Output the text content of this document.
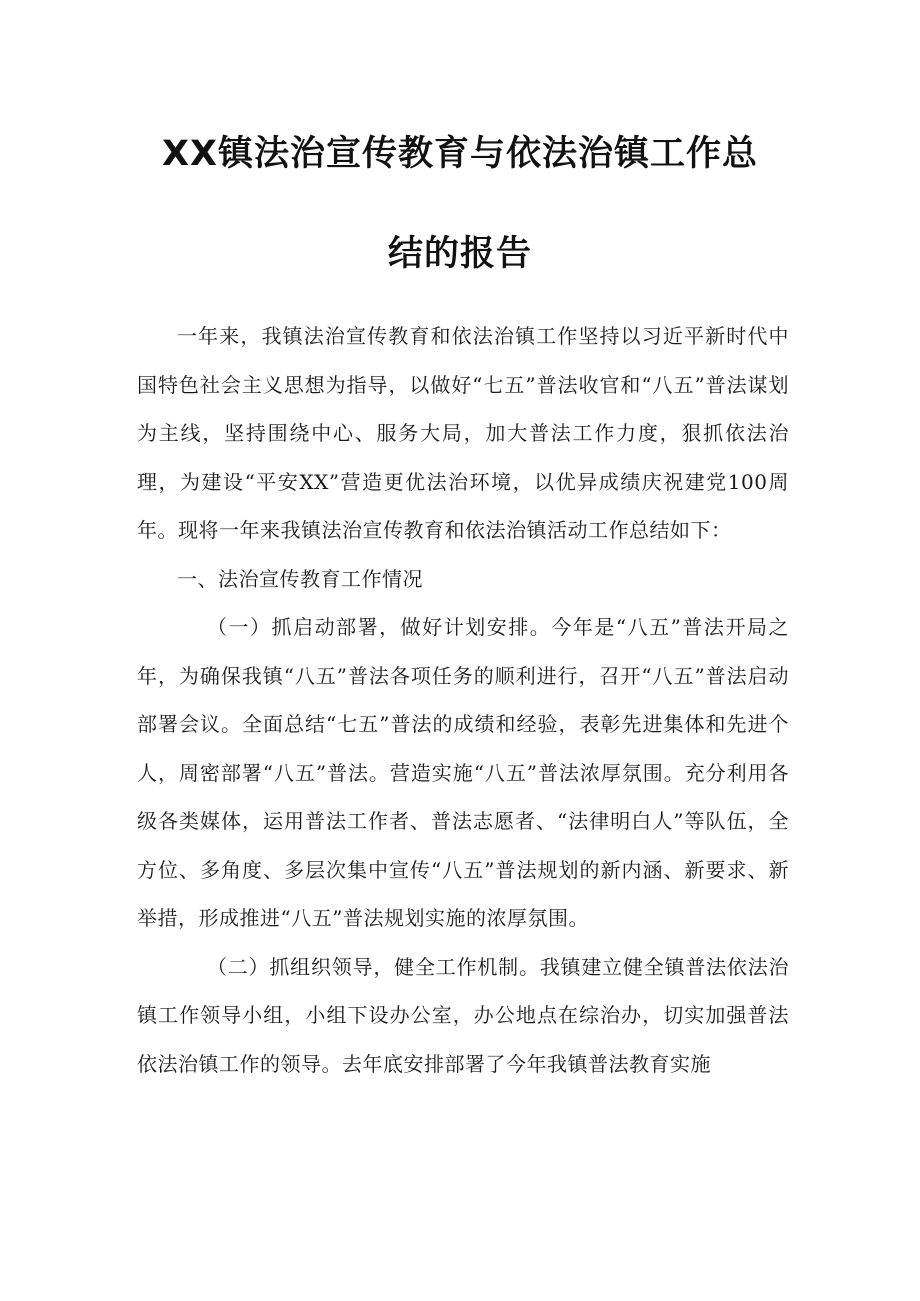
XX镇法治宣传教育与依法治镇工作总
结的报告

一年来，我镇法治宣传教育和依法治镇工作坚持以习近平新时代中国特色社会主义思想为指导，以做好“七五”普法收官和“八五”普法谋划为主线，坚持围绕中心、服务大局，加大普法工作力度，狠抓依法治理，为建设“平安XX”营造更优法治环境，以优异成绩庆祝建党100周年。现将一年来我镇法治宣传教育和依法治镇活动工作总结如下：

一、法治宣传教育工作情况

（一）抓启动部署，做好计划安排。今年是“八五”普法开局之年，为确保我镇“八五”普法各项任务的顺利进行，召开“八五”普法启动部署会议。全面总结“七五”普法的成绩和经验，表彰先进集体和先进个人，周密部署“八五”普法。营造实施“八五”普法浓厚氛围。充分利用各级各类媒体，运用普法工作者、普法志愿者、“法律明白人”等队伍，全方位、多角度、多层次集中宣传“八五”普法规划的新内涵、新要求、新举措，形成推进“八五”普法规划实施的浓厚氛围。

（二）抓组织领导，健全工作机制。我镇建立健全镇普法依法治镇工作领导小组，小组下设办公室，办公地点在综治办，切实加强普法依法治镇工作的领导。去年底安排部署了今年我镇普法教育实施
